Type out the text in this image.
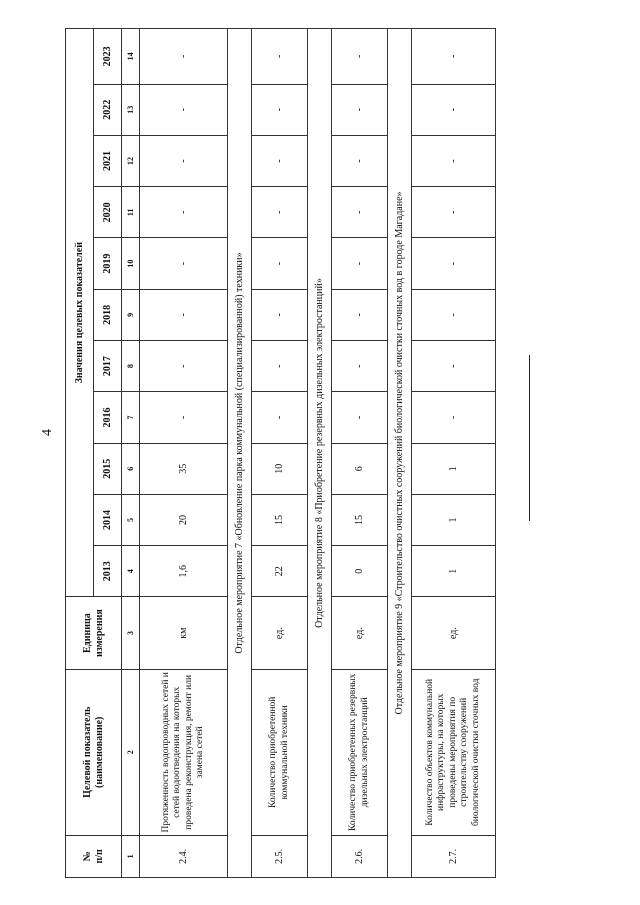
4
№
п/п	Целевой показатель
(наименование)	Единица
измерения	Значения целевых показателей										
			2013	2014	2015	2016	2017	2018	2019	2020	2021	2022	2023
1	2	3	4	5	6	7	8	9	10	11	12	13	14
2.4.	Протяженность водопроводных сетей и сетей водоотведения на которых проведена реконструкция, ремонт или замена сетей	км	1,6	20	35	-	-	-	-	-	-	-	-
Отдельное мероприятие 7 «Обновление парка коммунальной (специализированной) техники»													
2.5.	Количество приобретенной коммунальной техники	ед.	22	15	10	-	-	-	-	-	-	-	-
Отдельное мероприятие 8 «Приобретение резервных дизельных электростанций»													
2.6.	Количество приобретенных резервных дизельных электростанций	ед.	0	15	6	-	-	-	-	-	-	-	-
Отдельное мероприятие 9 «Строительство очистных сооружений биологической очистки сточных вод в городе Магадане»													
2.7.	Количество объектов коммунальной инфраструктуры, на которых проведены мероприятия по строительству сооружений биологической очистки сточных вод	ед.	1	1	1	-	-	-	-	-	-	-	-
